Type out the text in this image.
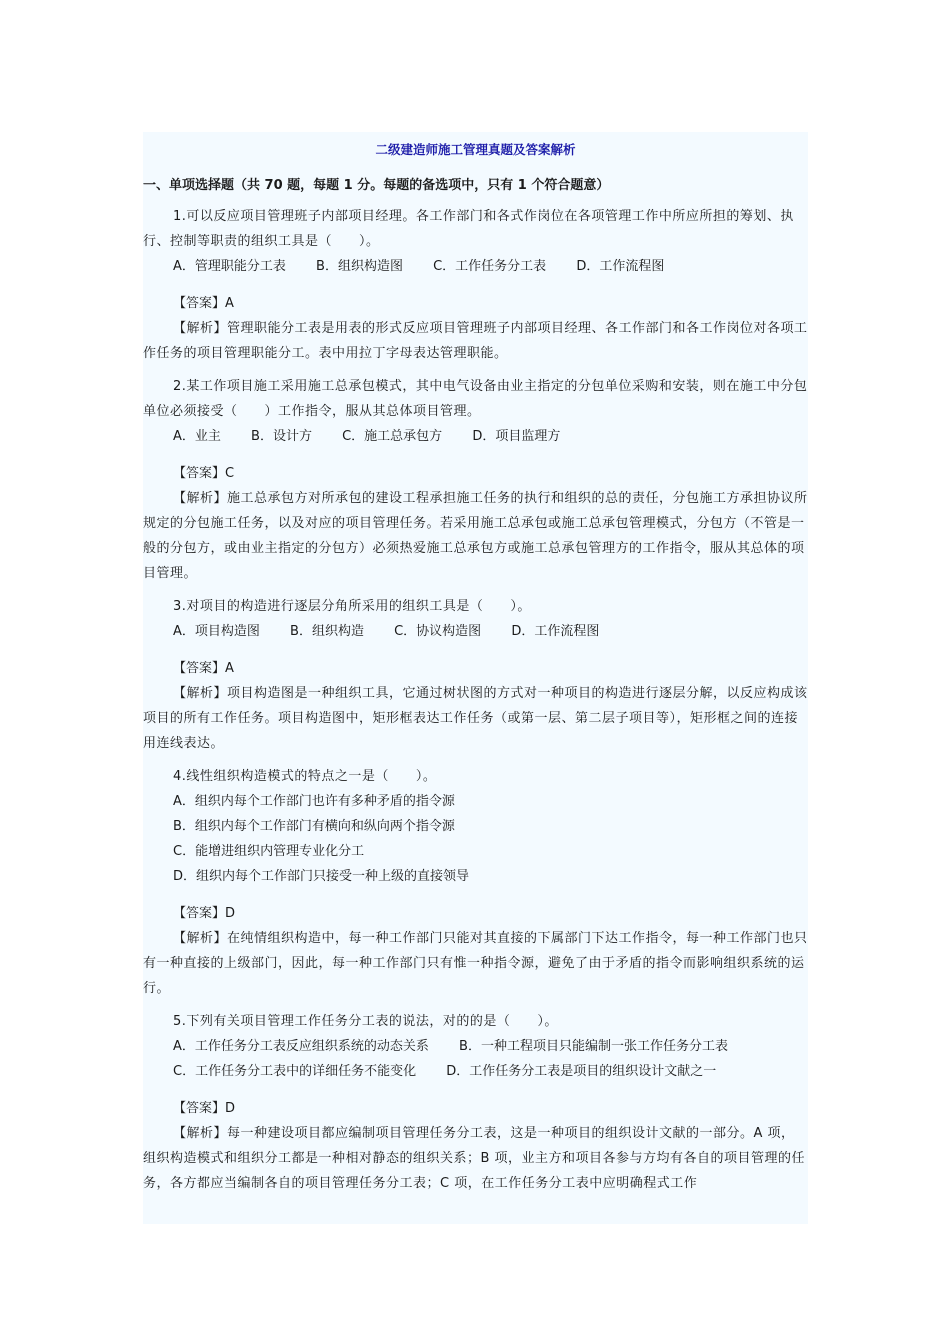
二级建造师施工管理真题及答案解析
一、单项选择题（共 70 题，每题 1 分。每题的备选项中，只有 1 个符合题意）

1.可以反应项目管理班子内部项目经理。各工作部门和各式作岗位在各项管理工作中所应所担的筹划、执行、控制等职责的组织工具是（　　）。

A．管理职能分工表 B．组织构造图 C．工作任务分工表 D．工作流程图
【答案】A

【解析】管理职能分工表是用表的形式反应项目管理班子内部项目经理、各工作部门和各工作岗位对各项工作任务的项目管理职能分工。表中用拉丁字母表达管理职能。

2.某工作项目施工采用施工总承包模式，其中电气设备由业主指定的分包单位采购和安装，则在施工中分包单位必须接受（　　）工作指令，服从其总体项目管理。

A．业主 B．设计方 C．施工总承包方 D．项目监理方
【答案】C

【解析】施工总承包方对所承包的建设工程承担施工任务的执行和组织的总的责任，分包施工方承担协议所规定的分包施工任务，以及对应的项目管理任务。若采用施工总承包或施工总承包管理模式，分包方（不管是一般的分包方，或由业主指定的分包方）必须热爱施工总承包方或施工总承包管理方的工作指令，服从其总体的项目管理。

3.对项目的构造进行逐层分角所采用的组织工具是（　　）。

A．项目构造图 B．组织构造 C．协议构造图 D．工作流程图
【答案】A

【解析】项目构造图是一种组织工具，它通过树状图的方式对一种项目的构造进行逐层分解，以反应构成该项目的所有工作任务。项目构造图中，矩形框表达工作任务（或第一层、第二层子项目等），矩形框之间的连接用连线表达。

4.线性组织构造模式的特点之一是（　　）。

A．组织内每个工作部门也许有多种矛盾的指令源
B．组织内每个工作部门有横向和纵向两个指令源
C．能增进组织内管理专业化分工
D．组织内每个工作部门只接受一种上级的直接领导
【答案】D

【解析】在纯情组织构造中，每一种工作部门只能对其直接的下属部门下达工作指令，每一种工作部门也只有一种直接的上级部门，因此，每一种工作部门只有惟一种指令源，避免了由于矛盾的指令而影响组织系统的运行。

5.下列有关项目管理工作任务分工表的说法，对的的是（　　）。

A．工作任务分工表反应组织系统的动态关系 B．一种工程项目只能编制一张工作任务分工表
C．工作任务分工表中的详细任务不能变化 D．工作任务分工表是项目的组织设计文献之一
【答案】D

【解析】每一种建设项目都应编制项目管理任务分工表，这是一种项目的组织设计文献的一部分。A 项，组织构造模式和组织分工都是一种相对静态的组织关系；B 项，业主方和项目各参与方均有各自的项目管理的任务，各方都应当编制各自的项目管理任务分工表；C 项，在工作任务分工表中应明确程式工作
